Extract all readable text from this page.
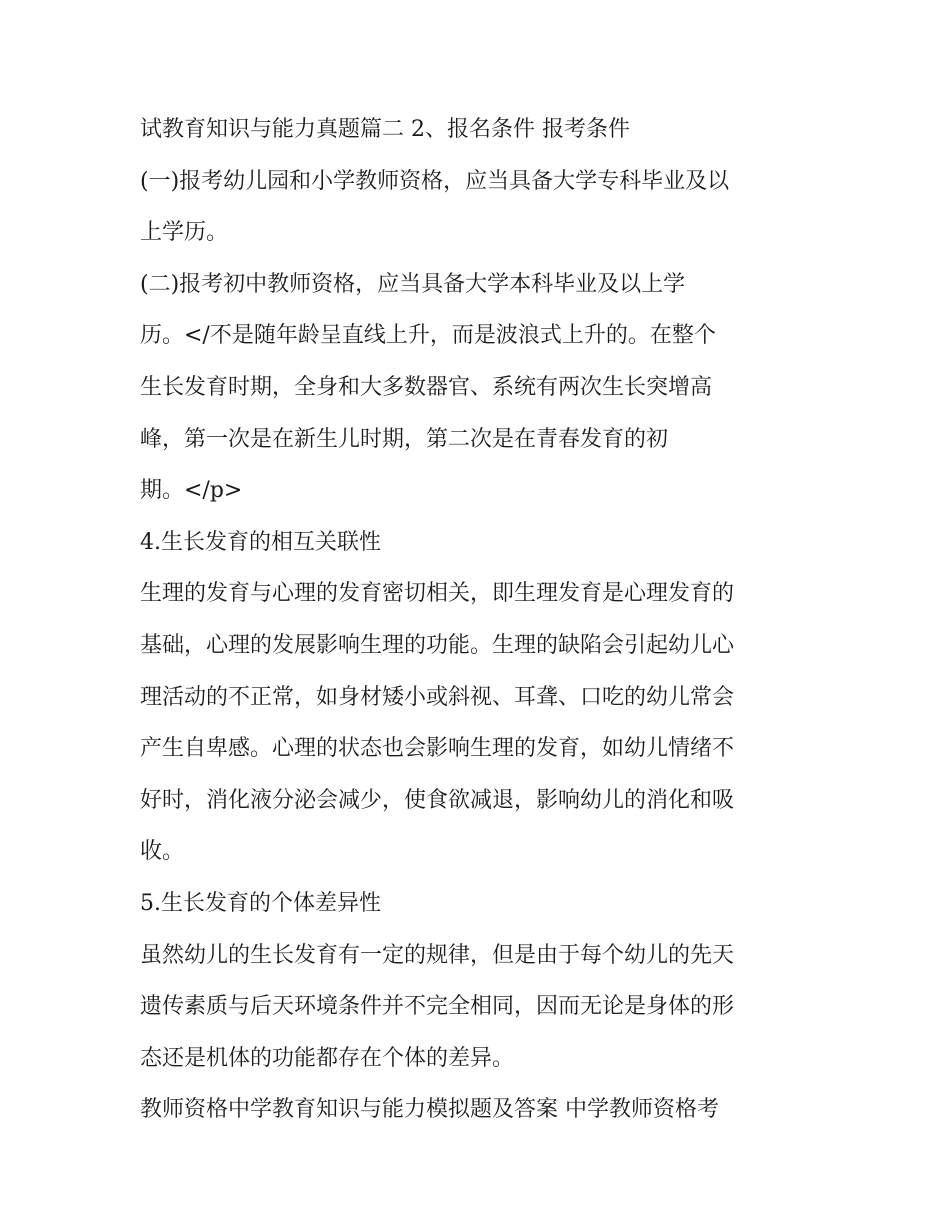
试教育知识与能力真题篇二 2、报名条件 报考条件
(一)报考幼儿园和小学教师资格，应当具备大学专科毕业及以
上学历。
(二)报考初中教师资格，应当具备大学本科毕业及以上学
历。</不是随年龄呈直线上升，而是波浪式上升的。在整个
生长发育时期，全身和大多数器官、系统有两次生长突增高
峰，第一次是在新生儿时期，第二次是在青春发育的初
期。</p>
4.生长发育的相互关联性
生理的发育与心理的发育密切相关，即生理发育是心理发育的
基础，心理的发展影响生理的功能。生理的缺陷会引起幼儿心
理活动的不正常，如身材矮小或斜视、耳聋、口吃的幼儿常会
产生自卑感。心理的状态也会影响生理的发育，如幼儿情绪不
好时，消化液分泌会减少，使食欲减退，影响幼儿的消化和吸
收。
5.生长发育的个体差异性
虽然幼儿的生长发育有一定的规律，但是由于每个幼儿的先天
遗传素质与后天环境条件并不完全相同，因而无论是身体的形
态还是机体的功能都存在个体的差异。
教师资格中学教育知识与能力模拟题及答案 中学教师资格考
